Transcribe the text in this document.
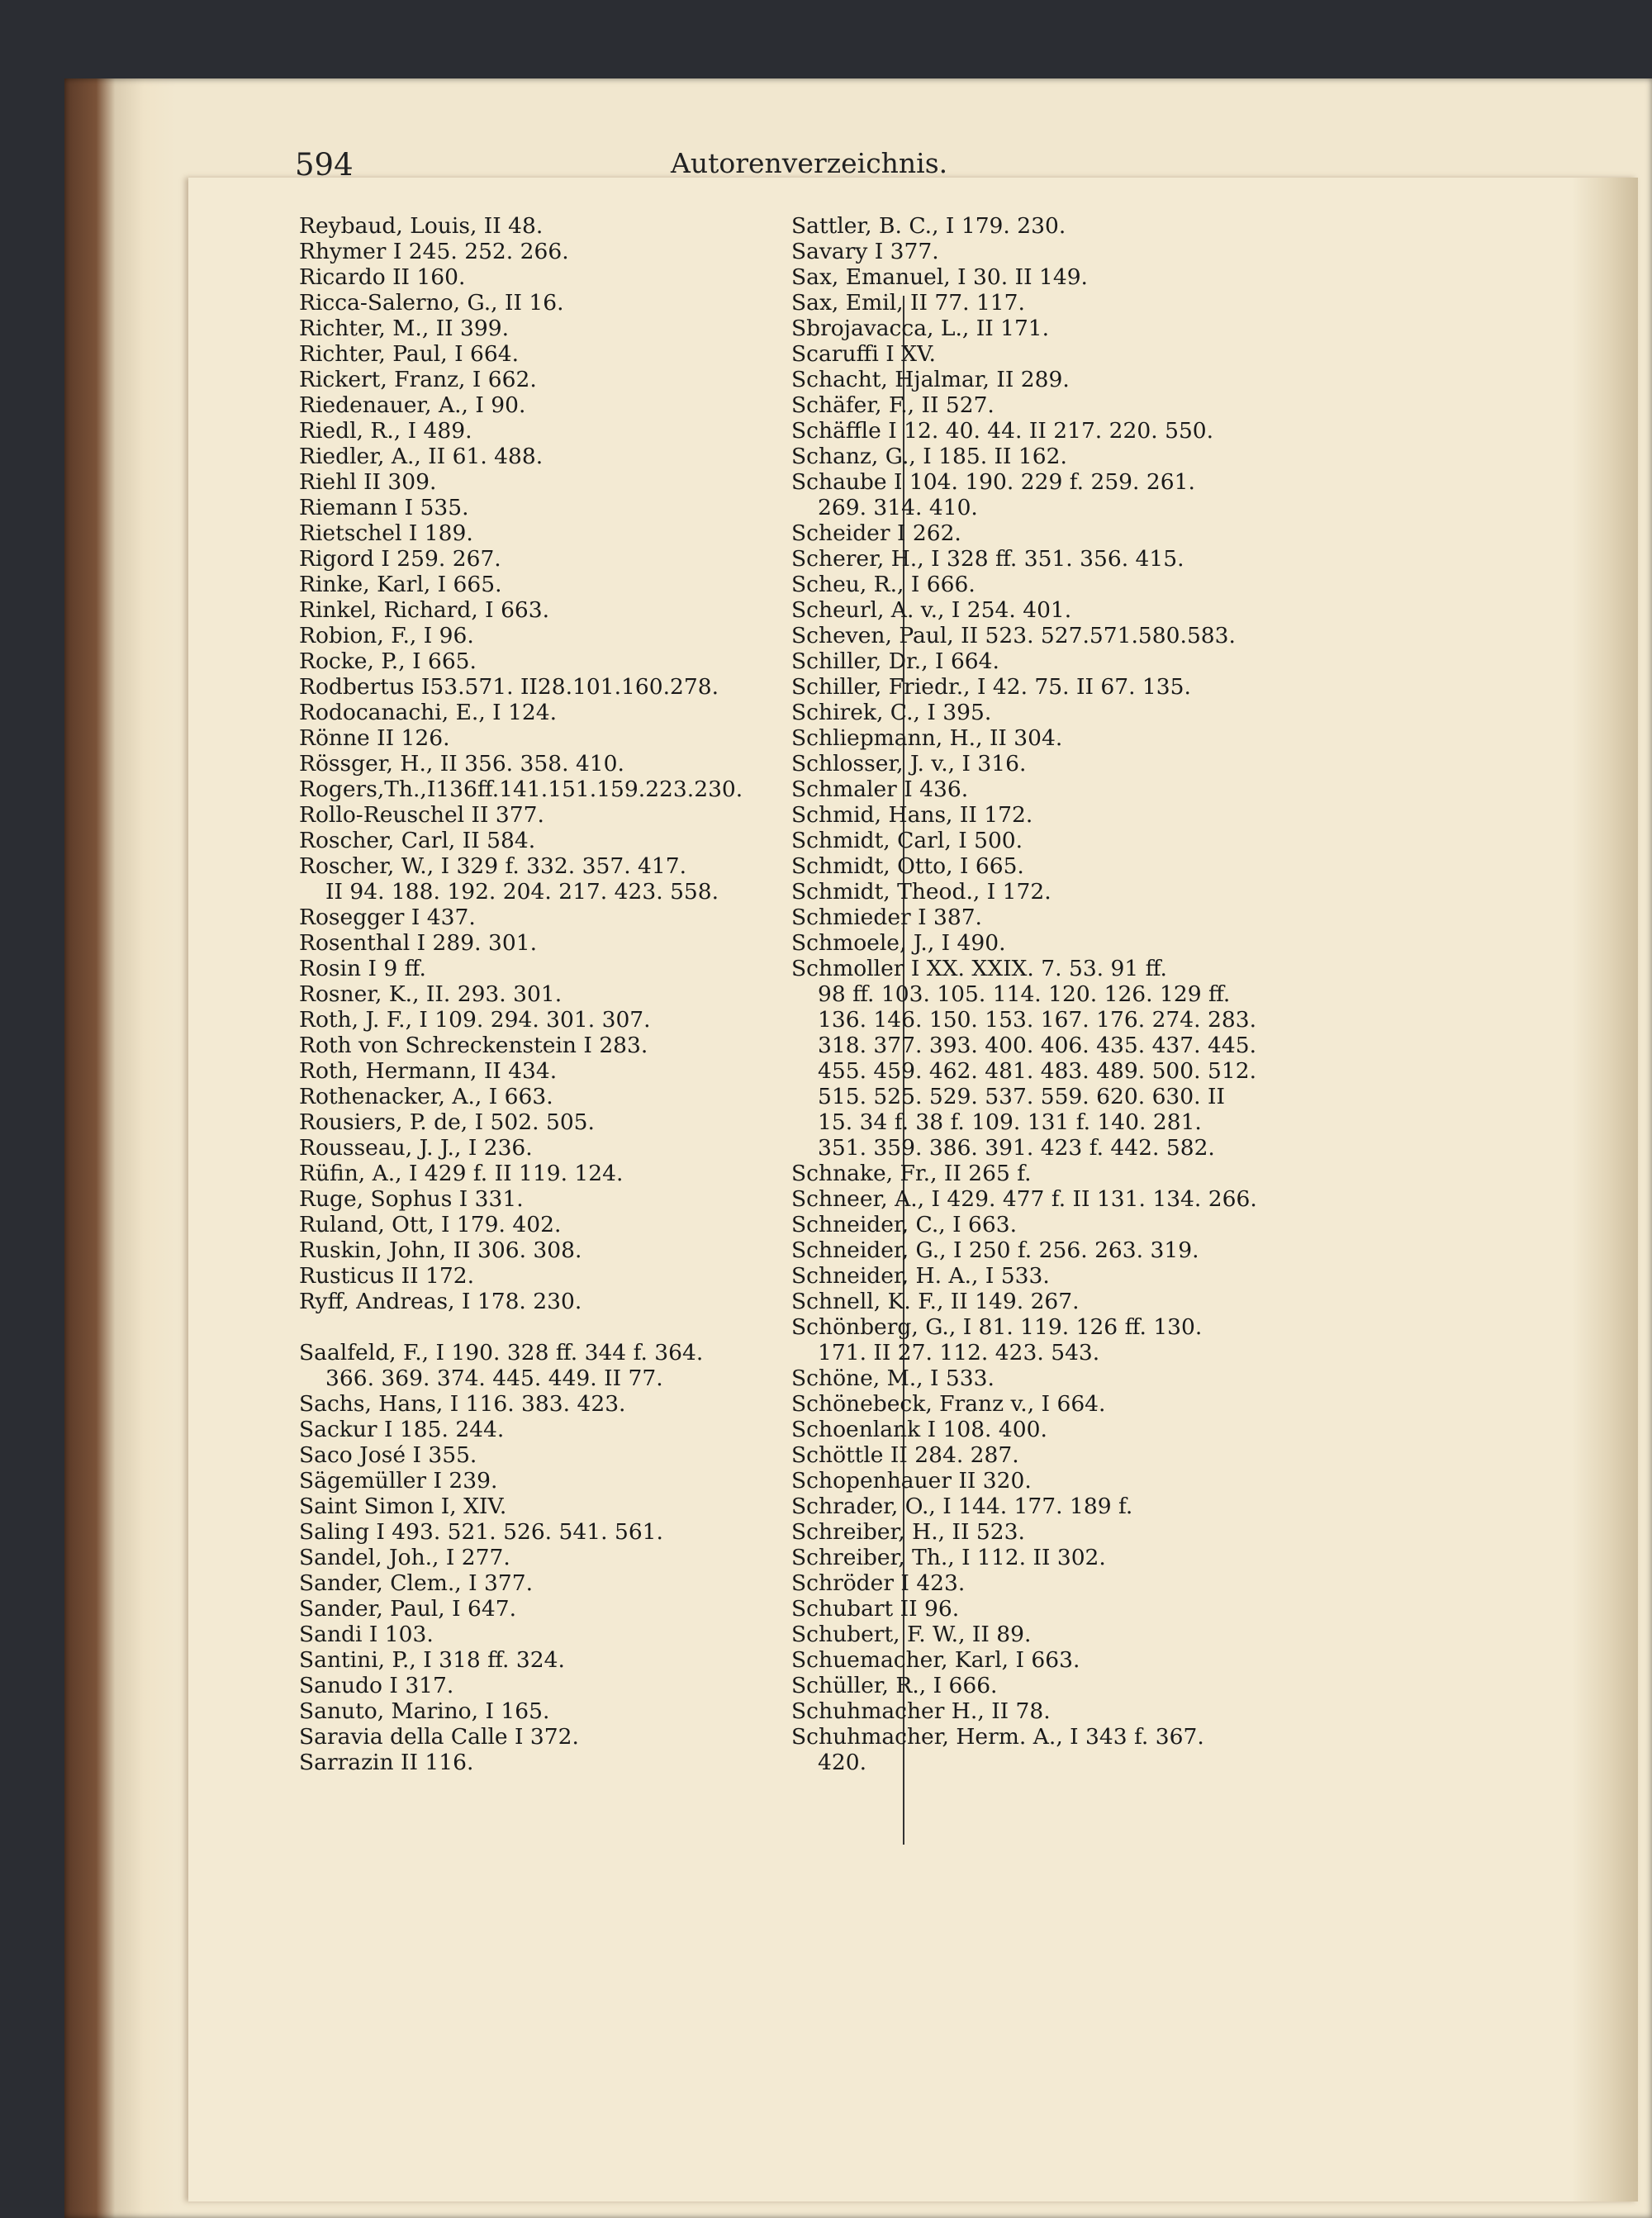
594	Autorenverzeichnis.
Reybaud, Louis, II 48.
Rhymer I 245. 252. 266.
Ricardo II 160.
Ricca-Salerno, G., II 16.
Richter, M., II 399.
Richter, Paul, I 664.
Rickert, Franz, I 662.
Riedenauer, A., I 90.
Riedl, R., I 489.
Riedler, A., II 61. 488.
Riehl II 309.
Riemann I 535.
Rietschel I 189.
Rigord I 259. 267.
Rinke, Karl, I 665.
Rinkel, Richard, I 663.
Robion, F., I 96.
Rocke, P., I 665.
Rodbertus I53.571. II28.101.160.278.
Rodocanachi, E., I 124.
Rönne II 126.
Rössger, H., II 356. 358. 410.
Rogers,Th.,I136ff.141.151.159.223.230.
Rollo-Reuschel II 377.
Roscher, Carl, II 584.
Roscher, W., I 329 f. 332. 357. 417.
II 94. 188. 192. 204. 217. 423. 558.
Rosegger I 437.
Rosenthal I 289. 301.
Rosin I 9 ff.
Rosner, K., II. 293. 301.
Roth, J. F., I 109. 294. 301. 307.
Roth von Schreckenstein I 283.
Roth, Hermann, II 434.
Rothenacker, A., I 663.
Rousiers, P. de, I 502. 505.
Rousseau, J. J., I 236.
Rüfin, A., I 429 f. II 119. 124.
Ruge, Sophus I 331.
Ruland, Ott, I 179. 402.
Ruskin, John, II 306. 308.
Rusticus II 172.
Ryff, Andreas, I 178. 230.
Saalfeld, F., I 190. 328 ff. 344 f. 364.
366. 369. 374. 445. 449. II 77.
Sachs, Hans, I 116. 383. 423.
Sackur I 185. 244.
Saco José I 355.
Sägemüller I 239.
Saint Simon I, XIV.
Saling I 493. 521. 526. 541. 561.
Sandel, Joh., I 277.
Sander, Clem., I 377.
Sander, Paul, I 647.
Sandi I 103.
Santini, P., I 318 ff. 324.
Sanudo I 317.
Sanuto, Marino, I 165.
Saravia della Calle I 372.
Sarrazin II 116.
Sattler, B. C., I 179. 230.
Savary I 377.
Sax, Emanuel, I 30. II 149.
Sax, Emil, II 77. 117.
Sbrojavacca, L., II 171.
Scaruffi I XV.
Schacht, Hjalmar, II 289.
Schäfer, F., II 527.
Schäffle I 12. 40. 44. II 217. 220. 550.
Schanz, G., I 185. II 162.
Schaube I 104. 190. 229 f. 259. 261.
269. 314. 410.
Scheider I 262.
Scherer, H., I 328 ff. 351. 356. 415.
Scheu, R., I 666.
Scheurl, A. v., I 254. 401.
Scheven, Paul, II 523. 527.571.580.583.
Schiller, Dr., I 664.
Schiller, Friedr., I 42. 75. II 67. 135.
Schirek, C., I 395.
Schliepmann, H., II 304.
Schlosser, J. v., I 316.
Schmaler I 436.
Schmid, Hans, II 172.
Schmidt, Carl, I 500.
Schmidt, Otto, I 665.
Schmidt, Theod., I 172.
Schmieder I 387.
Schmoele, J., I 490.
Schmoller I XX. XXIX. 7. 53. 91 ff.
98 ff. 103. 105. 114. 120. 126. 129 ff.
136. 146. 150. 153. 167. 176. 274. 283.
318. 377. 393. 400. 406. 435. 437. 445.
455. 459. 462. 481. 483. 489. 500. 512.
515. 525. 529. 537. 559. 620. 630. II
15. 34 f. 38 f. 109. 131 f. 140. 281.
351. 359. 386. 391. 423 f. 442. 582.
Schnake, Fr., II 265 f.
Schneer, A., I 429. 477 f. II 131. 134. 266.
Schneider, C., I 663.
Schneider, G., I 250 f. 256. 263. 319.
Schneider, H. A., I 533.
Schnell, K. F., II 149. 267.
Schönberg, G., I 81. 119. 126 ff. 130.
171. II 27. 112. 423. 543.
Schöne, M., I 533.
Schönebeck, Franz v., I 664.
Schoenlank I 108. 400.
Schöttle II 284. 287.
Schopenhauer II 320.
Schrader, O., I 144. 177. 189 f.
Schreiber, H., II 523.
Schreiber, Th., I 112. II 302.
Schröder I 423.
Schubart II 96.
Schubert, F. W., II 89.
Schuemacher, Karl, I 663.
Schüller, R., I 666.
Schuhmacher H., II 78.
Schuhmacher, Herm. A., I 343 f. 367.
420.
